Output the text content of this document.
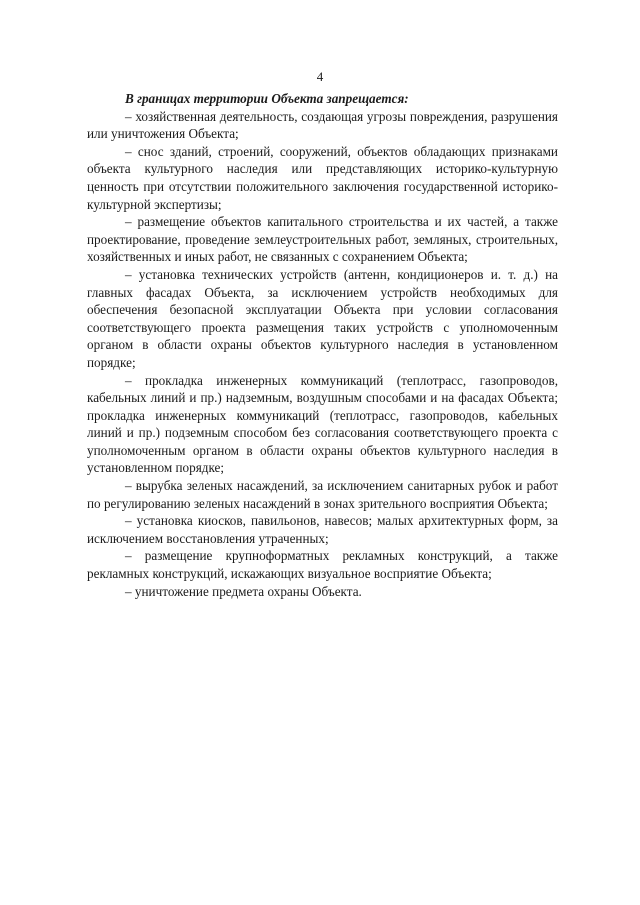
4

В границах территории Объекта запрещается:

– хозяйственная деятельность, создающая угрозы повреждения, разрушения или уничтожения Объекта;

– снос зданий, строений, сооружений, объектов обладающих признаками объекта культурного наследия или представляющих историко-культурную ценность при отсутствии положительного заключения государственной историко-культурной экспертизы;

– размещение объектов капитального строительства и их частей, а также проектирование, проведение землеустроительных работ, земляных, строительных, хозяйственных и иных работ, не связанных с сохранением Объекта;

– установка технических устройств (антенн, кондиционеров и. т. д.) на главных фасадах Объекта, за исключением устройств необходимых для обеспечения безопасной эксплуатации Объекта при условии согласования соответствующего проекта размещения таких устройств с уполномоченным органом в области охраны объектов культурного наследия в установленном порядке;

– прокладка инженерных коммуникаций (теплотрасс, газопроводов, кабельных линий и пр.) надземным, воздушным способами и на фасадах Объекта; прокладка инженерных коммуникаций (теплотрасс, газопроводов, кабельных линий и пр.) подземным способом без согласования соответствующего проекта с уполномоченным органом в области охраны объектов культурного наследия в установленном порядке;

– вырубка зеленых насаждений, за исключением санитарных рубок и работ по регулированию зеленых насаждений в зонах зрительного восприятия Объекта;

– установка киосков, павильонов, навесов; малых архитектурных форм, за исключением восстановления утраченных;

– размещение крупноформатных рекламных конструкций, а также рекламных конструкций, искажающих визуальное восприятие Объекта;

– уничтожение предмета охраны Объекта.
